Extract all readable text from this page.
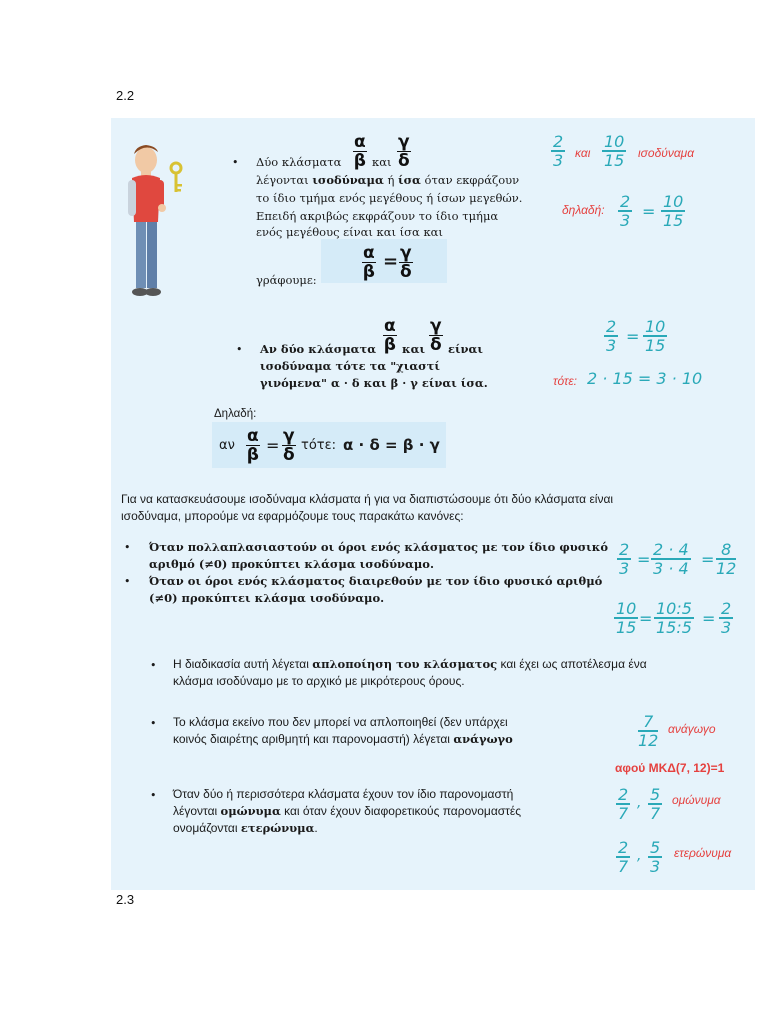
2.2
• Δύο κλάσματα
α
β και
γ
δ
λέγονται ισοδύναμα ή ίσα όταν εκφράζουν
το ίδιο τμήμα ενός μεγέθους ή ίσων μεγεθών.
Επειδή ακριβώς εκφράζουν το ίδιο τμήμα
ενός μεγέθους είναι και ίσα και
γράφουμε:
α
β = γ
δ
2
3 και
10
15 ισοδύναμα
δηλαδή: 2
3 =
10
15
• Αν δύο κλάσματα
α
β και
γ
δ είναι
ισοδύναμα τότε τα "χιαστί
γινόμενα" α · δ και β · γ είναι ίσα.
2
3 =
10
15
τότε: 2 · 15 = 3 · 10
Δηλαδή:
αν α
β = γ
δ τότε: α · δ = β · γ
Για να κατασκευάσουμε ισοδύναμα κλάσματα ή για να διαπιστώσουμε ότι δύο κλάσματα είναι
ισοδύναμα, μπορούμε να εφαρμόζουμε τους παρακάτω κανόνες:
• Όταν πολλαπλασιαστούν οι όροι ενός κλάσματος με τον ίδιο φυσικό
αριθμό (≠0) προκύπτει κλάσμα ισοδύναμο.
• Όταν οι όροι ενός κλάσματος διαιρεθούν με τον ίδιο φυσικό αριθμό
(≠0) προκύπτει κλάσμα ισοδύναμο.
2
3 =
2 · 4
3 · 4 =
8
12
10
15 =
10:5
15:5 =
2
3
• Η διαδικασία αυτή λέγεται απλοποίηση του κλάσματος και έχει ως αποτέλεσμα ένα
κλάσμα ισοδύναμο με το αρχικό με μικρότερους όρους.
• Το κλάσμα εκείνο που δεν μπορεί να απλοποιηθεί (δεν υπάρχει
κοινός διαιρέτης αριθμητή και παρονομαστή) λέγεται ανάγωγο
7
12
ανάγωγο
αφού ΜΚΔ(7, 12)=1
• Όταν δύο ή περισσότερα κλάσματα έχουν τον ίδιο παρονομαστή
λέγονται ομώνυμα και όταν έχουν διαφορετικούς παρονομαστές
ονομάζονται ετερώνυμα.
2
7
, 5
7
ομώνυμα
2
7
, 5
3
ετερώνυμα
2.3
